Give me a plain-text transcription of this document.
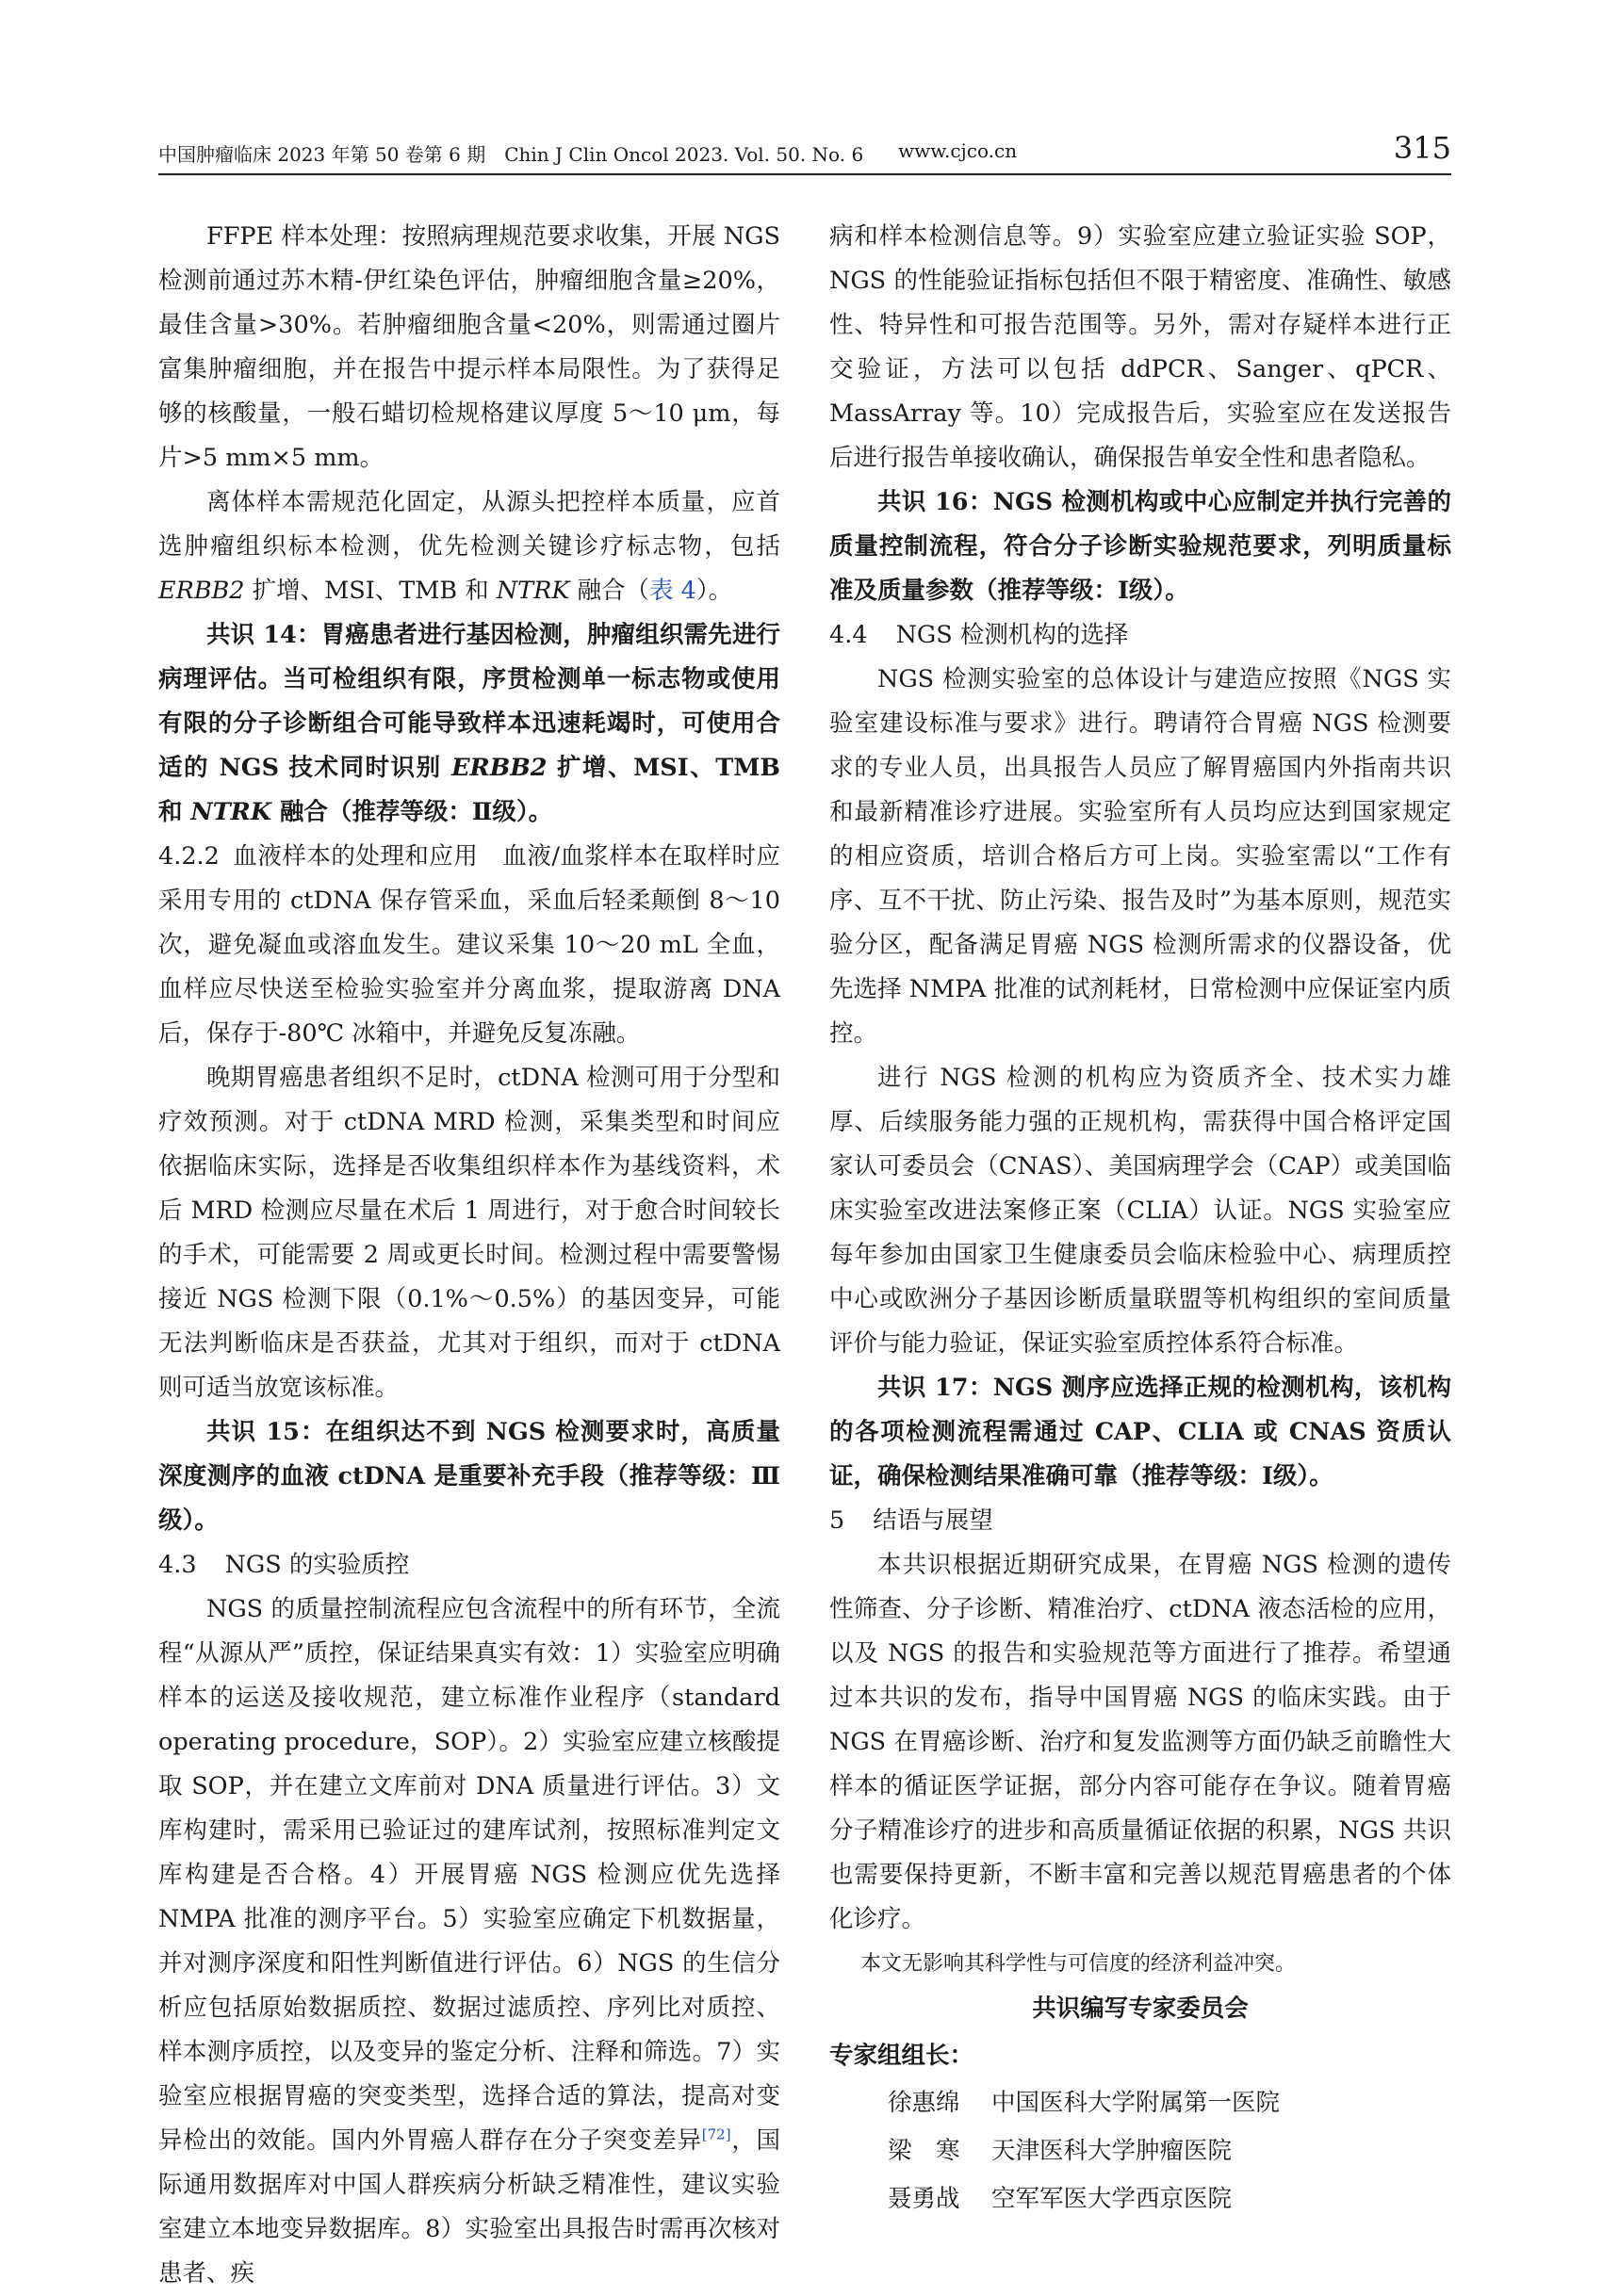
中国肿瘤临床 2023 年第 50 卷第 6 期　Chin J Clin Oncol 2023. Vol. 50. No. 6 www.cjco.cn	315

FFPE 样本处理：按照病理规范要求收集，开展 NGS 检测前通过苏木精-伊红染色评估，肿瘤细胞含量≥20%，最佳含量>30%。若肿瘤细胞含量<20%，则需通过圈片富集肿瘤细胞，并在报告中提示样本局限性。为了获得足够的核酸量，一般石蜡切检规格建议厚度 5～10 μm，每片>5 mm×5 mm。

离体样本需规范化固定，从源头把控样本质量，应首选肿瘤组织标本检测，优先检测关键诊疗标志物，包括 ERBB2 扩增、MSI、TMB 和 NTRK 融合（表 4）。

共识 14：胃癌患者进行基因检测，肿瘤组织需先进行病理评估。当可检组织有限，序贯检测单一标志物或使用有限的分子诊断组合可能导致样本迅速耗竭时，可使用合适的 NGS 技术同时识别 ERBB2 扩增、MSI、TMB 和 NTRK 融合（推荐等级：Ⅱ级）。

4.2.2 血液样本的处理和应用 血液/血浆样本在取样时应采用专用的 ctDNA 保存管采血，采血后轻柔颠倒 8～10 次，避免凝血或溶血发生。建议采集 10～20 mL 全血，血样应尽快送至检验实验室并分离血浆，提取游离 DNA 后，保存于-80℃ 冰箱中，并避免反复冻融。

晚期胃癌患者组织不足时，ctDNA 检测可用于分型和疗效预测。对于 ctDNA MRD 检测，采集类型和时间应依据临床实际，选择是否收集组织样本作为基线资料，术后 MRD 检测应尽量在术后 1 周进行，对于愈合时间较长的手术，可能需要 2 周或更长时间。检测过程中需要警惕接近 NGS 检测下限（0.1%～0.5%）的基因变异，可能无法判断临床是否获益，尤其对于组织，而对于 ctDNA 则可适当放宽该标准。

共识 15：在组织达不到 NGS 检测要求时，高质量深度测序的血液 ctDNA 是重要补充手段（推荐等级：Ⅲ级）。

4.3 NGS 的实验质控

NGS 的质量控制流程应包含流程中的所有环节，全流程“从源从严”质控，保证结果真实有效：1）实验室应明确样本的运送及接收规范，建立标准作业程序（standard operating procedure，SOP）。2）实验室应建立核酸提取 SOP，并在建立文库前对 DNA 质量进行评估。3）文库构建时，需采用已验证过的建库试剂，按照标准判定文库构建是否合格。4）开展胃癌 NGS 检测应优先选择 NMPA 批准的测序平台。5）实验室应确定下机数据量，并对测序深度和阳性判断值进行评估。6）NGS 的生信分析应包括原始数据质控、数据过滤质控、序列比对质控、样本测序质控，以及变异的鉴定分析、注释和筛选。7）实验室应根据胃癌的突变类型，选择合适的算法，提高对变异检出的效能。国内外胃癌人群存在分子突变差异[72]，国际通用数据库对中国人群疾病分析缺乏精准性，建议实验室建立本地变异数据库。8）实验室出具报告时需再次核对患者、疾

病和样本检测信息等。9）实验室应建立验证实验 SOP，NGS 的性能验证指标包括但不限于精密度、准确性、敏感性、特异性和可报告范围等。另外，需对存疑样本进行正交验证，方法可以包括 ddPCR、Sanger、qPCR、MassArray 等。10）完成报告后，实验室应在发送报告后进行报告单接收确认，确保报告单安全性和患者隐私。

共识 16：NGS 检测机构或中心应制定并执行完善的质量控制流程，符合分子诊断实验规范要求，列明质量标准及质量参数（推荐等级：Ⅰ级）。

4.4 NGS 检测机构的选择

NGS 检测实验室的总体设计与建造应按照《NGS 实验室建设标准与要求》进行。聘请符合胃癌 NGS 检测要求的专业人员，出具报告人员应了解胃癌国内外指南共识和最新精准诊疗进展。实验室所有人员均应达到国家规定的相应资质，培训合格后方可上岗。实验室需以“工作有序、互不干扰、防止污染、报告及时”为基本原则，规范实验分区，配备满足胃癌 NGS 检测所需求的仪器设备，优先选择 NMPA 批准的试剂耗材，日常检测中应保证室内质控。

进行 NGS 检测的机构应为资质齐全、技术实力雄厚、后续服务能力强的正规机构，需获得中国合格评定国家认可委员会（CNAS）、美国病理学会（CAP）或美国临床实验室改进法案修正案（CLIA）认证。NGS 实验室应每年参加由国家卫生健康委员会临床检验中心、病理质控中心或欧洲分子基因诊断质量联盟等机构组织的室间质量评价与能力验证，保证实验室质控体系符合标准。

共识 17：NGS 测序应选择正规的检测机构，该机构的各项检测流程需通过 CAP、CLIA 或 CNAS 资质认证，确保检测结果准确可靠（推荐等级：Ⅰ级）。

5 结语与展望

本共识根据近期研究成果，在胃癌 NGS 检测的遗传性筛查、分子诊断、精准治疗、ctDNA 液态活检的应用，以及 NGS 的报告和实验规范等方面进行了推荐。希望通过本共识的发布，指导中国胃癌 NGS 的临床实践。由于 NGS 在胃癌诊断、治疗和复发监测等方面仍缺乏前瞻性大样本的循证医学证据，部分内容可能存在争议。随着胃癌分子精准诊疗的进步和高质量循证依据的积累，NGS 共识也需要保持更新，不断丰富和完善以规范胃癌患者的个体化诊疗。

本文无影响其科学性与可信度的经济利益冲突。

共识编写专家委员会

专家组组长：

徐惠绵 中国医科大学附属第一医院

梁　寒 天津医科大学肿瘤医院

聂勇战 空军军医大学西京医院
